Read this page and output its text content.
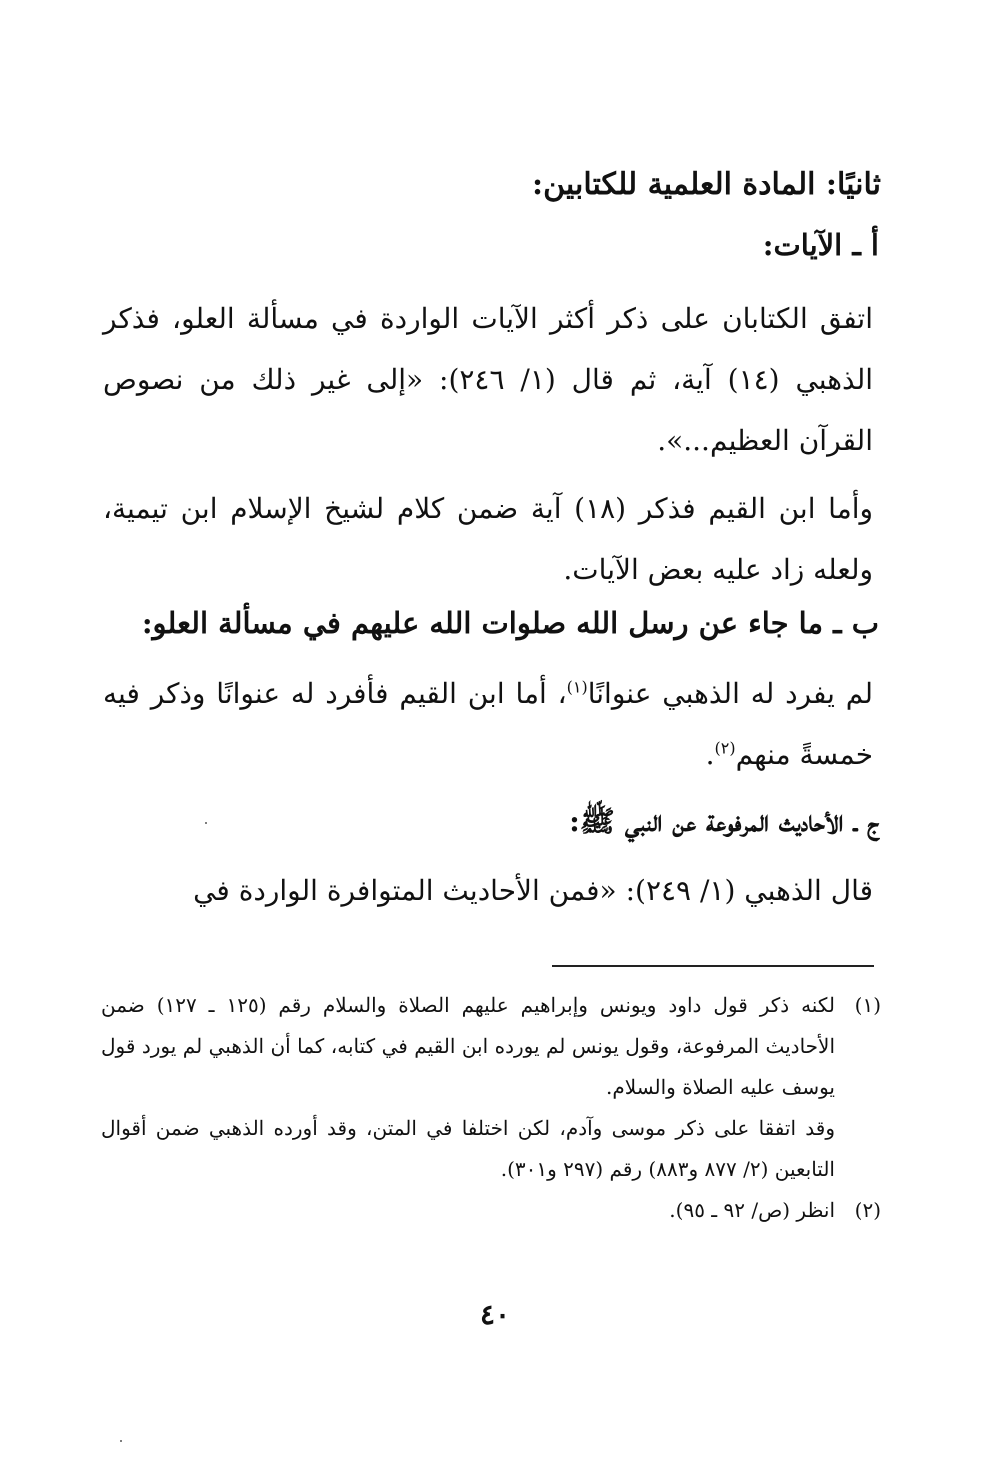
ثانيًا: المادة العلمية للكتابين:
أ ـ الآيات:
اتفق الكتابان على ذكر أكثر الآيات الواردة في مسألة العلو، فذكر الذهبي (١٤) آية، ثم قال (١/ ٢٤٦): «إلى غير ذلك من نصوص القرآن العظيم...».
وأما ابن القيم فذكر (١٨) آية ضمن كلام لشيخ الإسلام ابن تيمية، ولعله زاد عليه بعض الآيات.
ب ـ ما جاء عن رسل الله صلوات الله عليهم في مسألة العلو:
لم يفرد له الذهبي عنوانًا$^{(١)}$، أما ابن القيم فأفرد له عنوانًا وذكر فيه خمسةً منهم$^{(٢)}$.
ج ـ الأحاديث المرفوعة عن النبي ﷺ:
قال الذهبي (١/ ٢٤٩): «فمن الأحاديث المتوافرة الواردة في
(١)
لكنه ذكر قول داود ويونس وإبراهيم عليهم الصلاة والسلام رقم (١٢٥ ـ ١٢٧) ضمن الأحاديث المرفوعة، وقول يونس لم يورده ابن القيم في كتابه، كما أن الذهبي لم يورد قول يوسف عليه الصلاة والسلام.
وقد اتفقا على ذكر موسى وآدم، لكن اختلفا في المتن، وقد أورده الذهبي ضمن أقوال التابعين (٢/ ٨٧٧ و٨٨٣) رقم (٢٩٧ و٣٠١).
(٢)
انظر (ص/ ٩٢ ـ ٩٥).
٤٠
